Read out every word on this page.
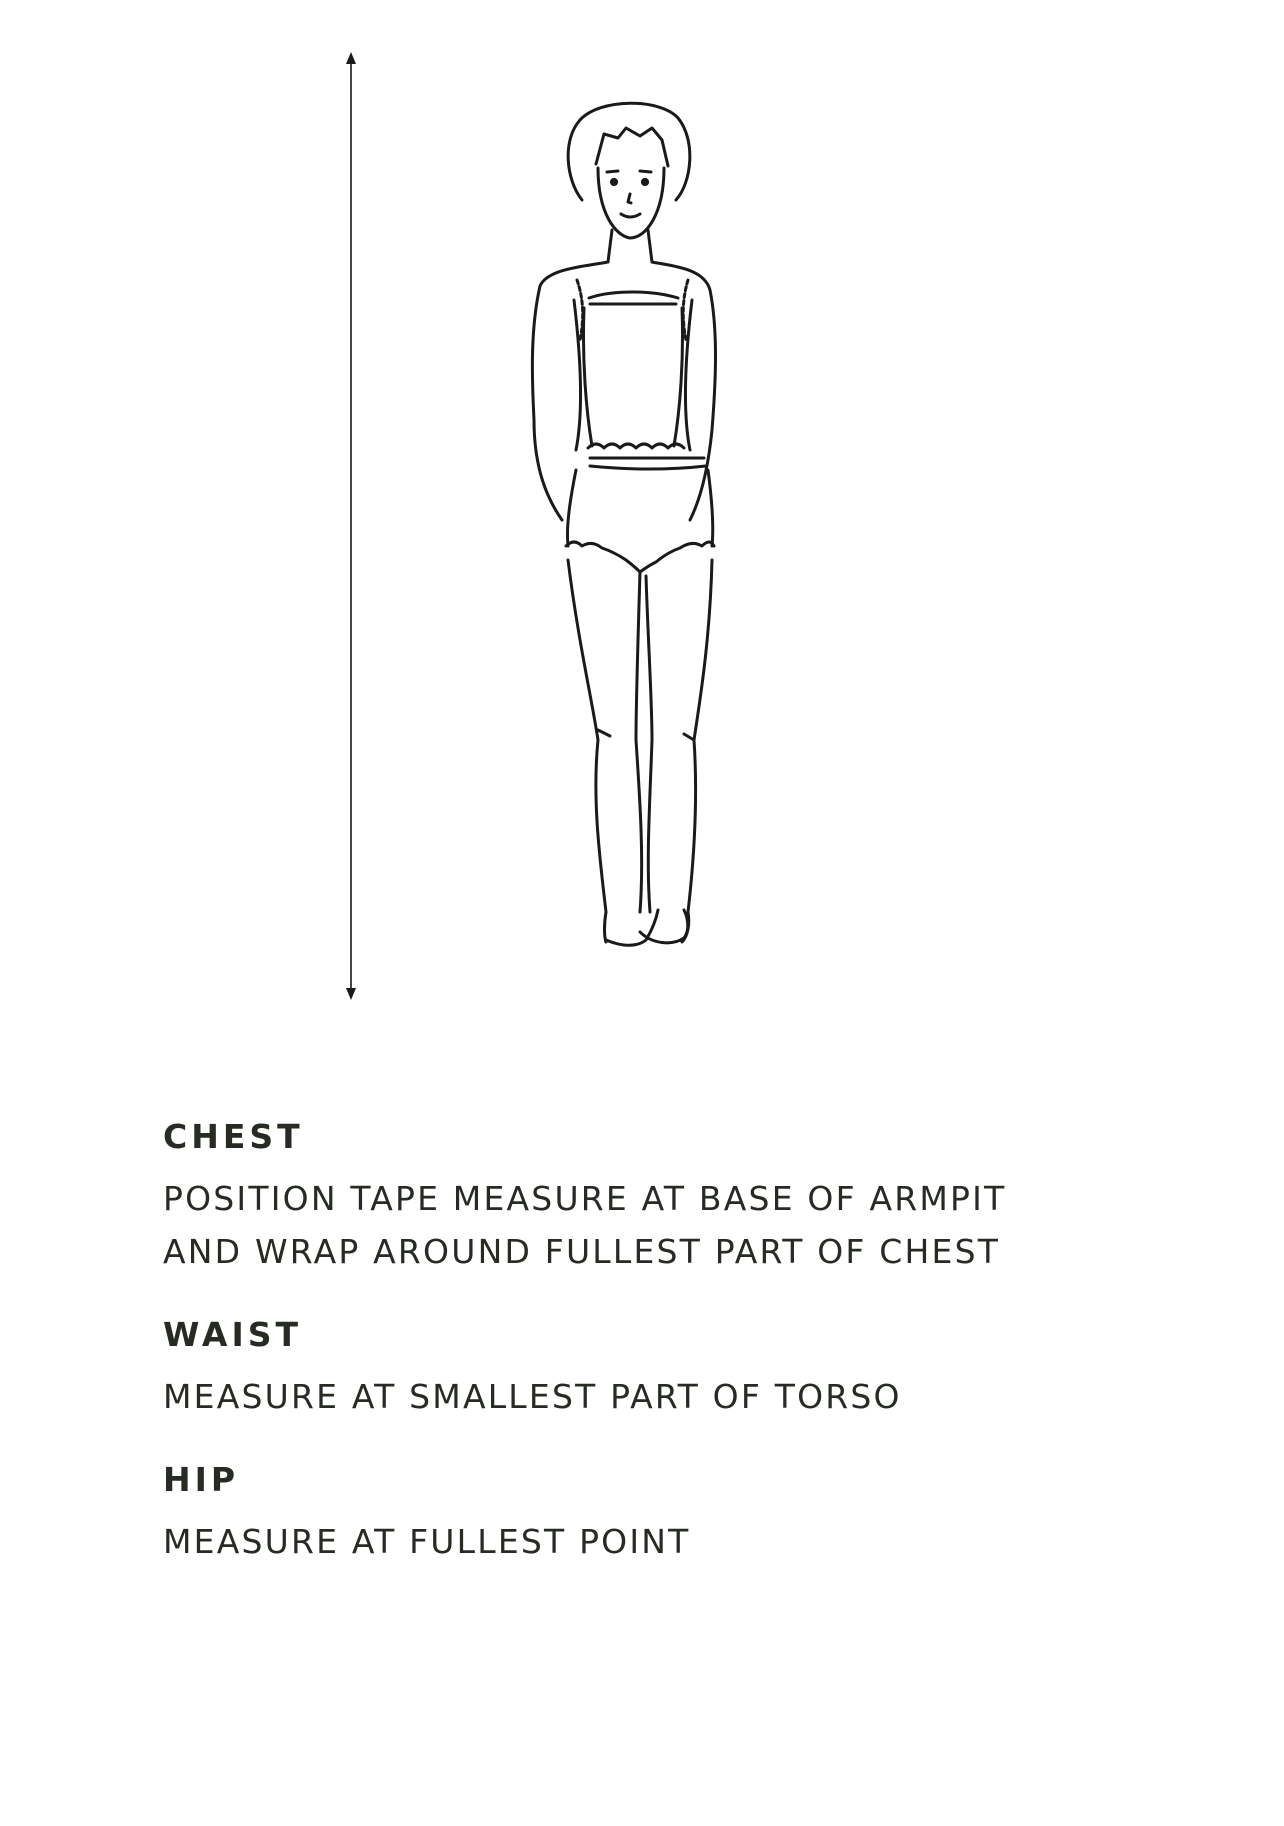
CHEST

POSITION TAPE MEASURE AT BASE OF ARMPIT
AND WRAP AROUND FULLEST PART OF CHEST

WAIST

MEASURE AT SMALLEST PART OF TORSO

HIP

MEASURE AT FULLEST POINT
